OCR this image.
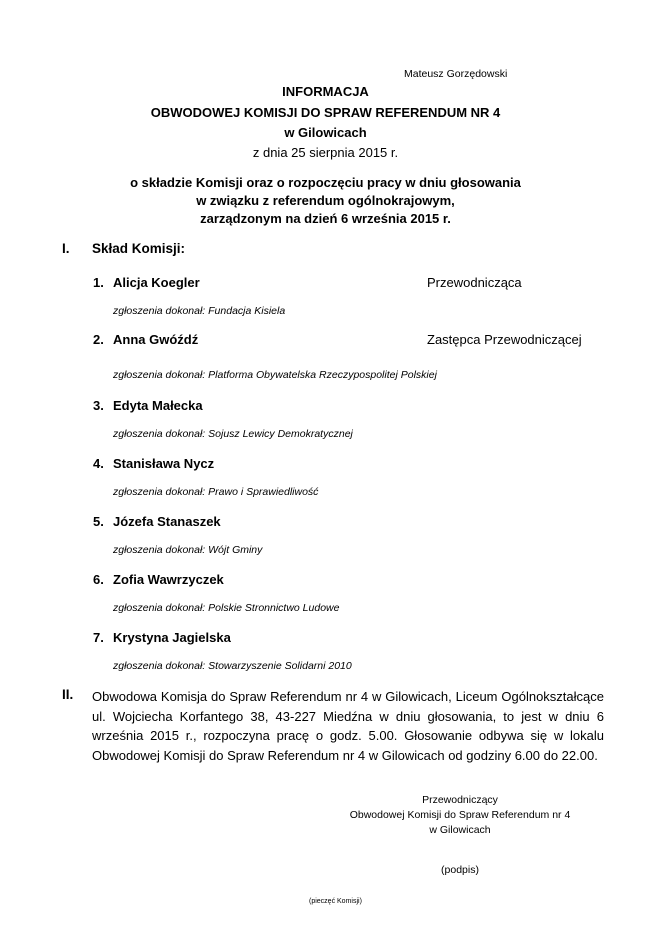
Mateusz Gorzędowski
INFORMACJA
OBWODOWEJ KOMISJI DO SPRAW REFERENDUM NR 4
w Gilowicach
z dnia 25 sierpnia 2015 r.
o składzie Komisji oraz o rozpoczęciu pracy w dniu głosowania
w związku z referendum ogólnokrajowym,
zarządzonym na dzień 6 września 2015 r.
I. Skład Komisji:
1. Alicja Koegler	Przewodnicząca
zgłoszenia dokonał: Fundacja Kisiela
2. Anna Gwóźdź	Zastępca Przewodniczącej
zgłoszenia dokonał: Platforma Obywatelska Rzeczypospolitej Polskiej
3. Edyta Małecka
zgłoszenia dokonał: Sojusz Lewicy Demokratycznej
4. Stanisława Nycz
zgłoszenia dokonał: Prawo i Sprawiedliwość
5. Józefa Stanaszek
zgłoszenia dokonał: Wójt Gminy
6. Zofia Wawrzyczek
zgłoszenia dokonał: Polskie Stronnictwo Ludowe
7. Krystyna Jagielska
zgłoszenia dokonał: Stowarzyszenie Solidarni 2010
II. Obwodowa Komisja do Spraw Referendum nr 4 w Gilowicach, Liceum Ogólnokształcące
ul. Wojciecha Korfantego 38, 43-227 Miedźna w dniu głosowania, to jest w dniu 6
września 2015 r., rozpoczyna pracę o godz. 5.00. Głosowanie odbywa się w lokalu
Obwodowej Komisji do Spraw Referendum nr 4 w Gilowicach od godziny 6.00 do 22.00.
Przewodniczący
Obwodowej Komisji do Spraw Referendum nr 4
w Gilowicach
(podpis)
(pieczęć Komisji)
